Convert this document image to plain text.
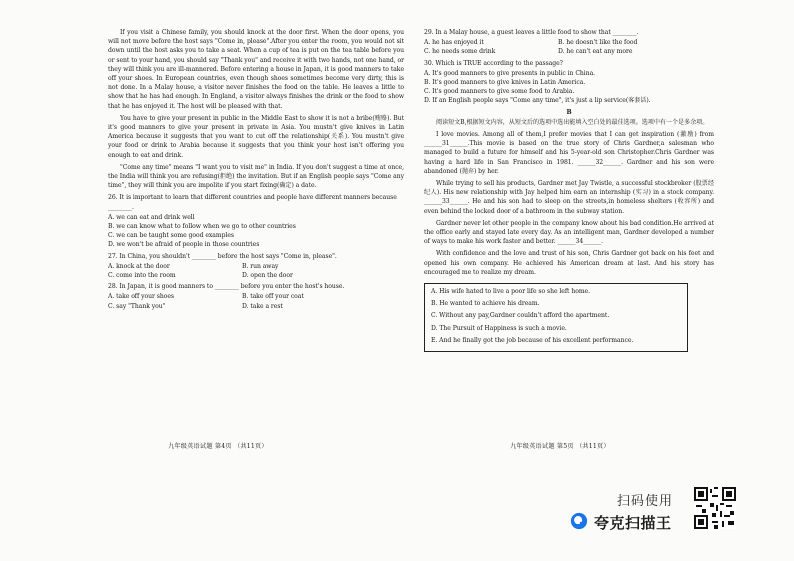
If you visit a Chinese family, you should knock at the door first. When the door opens, you will not move before the host says "Come in, please".After you enter the room, you would not sit down until the host asks you to take a seat. When a cup of tea is put on the tea table before you or sent to your hand, you should say "Thank you" and receive it with two hands, not one hand, or they will think you are ill-mannered. Before entering a house in Japan, it is good manners to take off your shoes. In European countries, even though shoes sometimes become very dirty, this is not done. In a Malay house, a visitor never finishes the food on the table. He leaves a little to show that he has had enough. In England, a visitor always finishes the drink or the food to show that he has enjoyed it. The host will be pleased with that.

You have to give your present in public in the Middle East to show it is not a bribe(贿赂). But it's good manners to give your present in private in Asia. You mustn't give knives in Latin America because it suggests that you want to cut off the relationship(关系). You mustn't give your food or drink to Arabia because it suggests that you think your host isn't offering you enough to eat and drink.

"Come any time" means "I want you to visit me" in India. If you don't suggest a time at once, the India will think you are refusing(拒绝) the invitation. But if an English people says "Come any time", they will think you are impolite if you start fixing(确定) a date.

26. It is important to learn that different countries and people have different manners because ________.

A. we can eat and drink well

B. we can know what to follow when we go to other countries

C. we can be taught some good examples

D. we won't be afraid of people in those countries

27. In China, you shouldn't ________ before the host says "Come in, please".

A. knock at the door	B. run away

C. come into the room	D. open the door

28. In Japan, it is good manners to ________ before you enter the host's house.

A. take off your shoes	B. take off your coat

C. say "Thank you"	D. take a rest

九年级英语试题 第4页 （共11页）

29. In a Malay house, a guest leaves a little food to show that ________.

A. he has enjoyed it	B. he doesn't like the food

C. he needs some drink	D. he can't eat any more

30. Which is TRUE according to the passage?

A. It's good manners to give presents in public in China.

B. It's good manners to give knives in Latin America.

C. It's good manners to give some food to Arabia.

D. If an English people says "Come any time", it's just a lip service(客套话).

B

阅读短文B,根据短文内容，从短文后的选项中选出能填入空白处的最佳选项。选项中有一个是多余项。

I love movies. Among all of them,I prefer movies that I can get inspiration (激励) from ______31______.This movie is based on the true story of Chris Gardner,a salesman who managed to build a future for himself and his 5-year-old son Christopher.Chris Gardner was having a hard life in San Francisco in 1981. ______32______. Gardner and his son were abandoned (抛弃) by her.

While trying to sell his products, Gardner met Jay Twistle, a successful stockbroker (股票经纪人). His new relationship with Jay helped him earn an internship (实习) in a stock company. ______33______. He and his son had to sleep on the streets,in homeless shelters (收容所) and even behind the locked door of a bathroom in the subway station.

Gardner never let other people in the company know about his bad condition.He arrived at the office early and stayed late every day. As an intelligent man, Gardner developed a number of ways to make his work faster and better. ______34______.

With confidence and the love and trust of his son, Chris Gardner got back on his feet and opened his own company. He achieved his American dream at last. And his story has encouraged me to realize my dream.

A. His wife hated to live a poor life so she left home.

B. He wanted to achieve his dream.

C. Without any pay,Gardner couldn't afford the apartment.

D. The Pursuit of Happiness is such a movie.

E. And he finally got the job because of his excellent performance.

九年级英语试题 第5页 （共11页）
扫码使用
夸克扫描王
